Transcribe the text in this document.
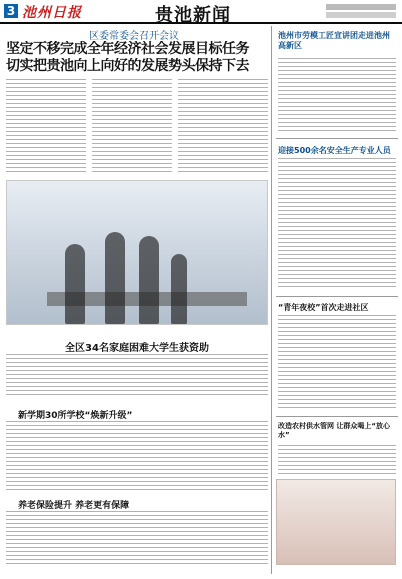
3 池州日报	贵池新闻
区委常委会召开会议
坚定不移完成全年经济社会发展目标任务
切实把贵池向上向好的发展势头保持下去
全区34名家庭困难大学生获资助
新学期30所学校“焕新升级”
养老保险提升 养老更有保障
池州市劳模工匠宣讲团走进池州高新区
迎接500余名安全生产专业人员
“青年夜校”首次走进社区
改造农村供水管网 让群众喝上“放心水”
